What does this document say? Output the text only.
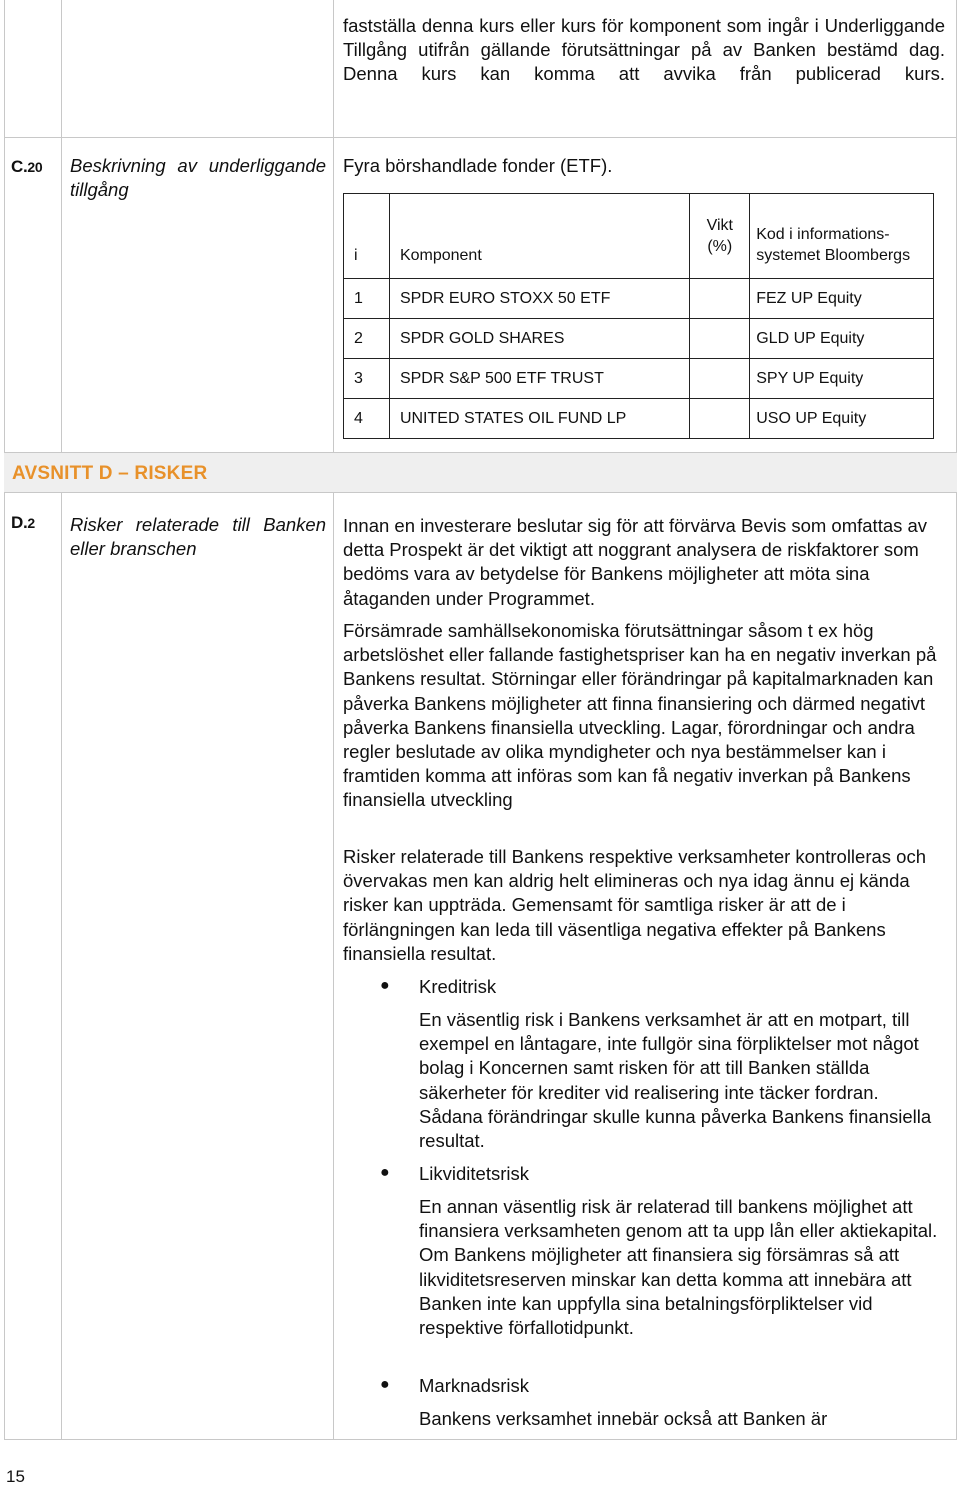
fastställa denna kurs eller kurs för komponent som ingår i Underliggande Tillgång utifrån gällande förutsättningar på av Banken bestämd dag. Denna kurs kan komma att avvika från publicerad kurs.
C.20 Beskrivning av underliggande tillgång
Fyra börshandlade fonder (ETF).
i	Komponent	Vikt (%)	Kod i informations-systemet Bloombergs
1	SPDR EURO STOXX 50 ETF		FEZ UP Equity
2	SPDR GOLD SHARES		GLD UP Equity
3	SPDR S&P 500 ETF TRUST		SPY UP Equity
4	UNITED STATES OIL FUND LP		USO UP Equity
AVSNITT D – RISKER
D.2 Risker relaterade till Banken eller branschen
Innan en investerare beslutar sig för att förvärva Bevis som omfattas av detta Prospekt är det viktigt att noggrant analysera de riskfaktorer som bedöms vara av betydelse för Bankens möjligheter att möta sina åtaganden under Programmet.
Försämrade samhällsekonomiska förutsättningar såsom t ex hög arbetslöshet eller fallande fastighetspriser kan ha en negativ inverkan på Bankens resultat. Störningar eller förändringar på kapitalmarknaden kan påverka Bankens möjligheter att finna finansiering och därmed negativt påverka Bankens finansiella utveckling. Lagar, förordningar och andra regler beslutade av olika myndigheter och nya bestämmelser kan i framtiden komma att införas som kan få negativ inverkan på Bankens finansiella utveckling
Risker relaterade till Bankens respektive verksamheter kontrolleras och övervakas men kan aldrig helt elimineras och nya idag ännu ej kända risker kan uppträda. Gemensamt för samtliga risker är att de i förlängningen kan leda till väsentliga negativa effekter på Bankens finansiella resultat.
● Kreditrisk
En väsentlig risk i Bankens verksamhet är att en motpart, till exempel en låntagare, inte fullgör sina förpliktelser mot något bolag i Koncernen samt risken för att till Banken ställda säkerheter för krediter vid realisering inte täcker fordran. Sådana förändringar skulle kunna påverka Bankens finansiella resultat.
● Likviditetsrisk
En annan väsentlig risk är relaterad till bankens möjlighet att finansiera verksamheten genom att ta upp lån eller aktiekapital. Om Bankens möjligheter att finansiera sig försämras så att likviditetsreserven minskar kan detta komma att innebära att Banken inte kan uppfylla sina betalningsförpliktelser vid respektive förfallotidpunkt.
● Marknadsrisk
Bankens verksamhet innebär också att Banken är
15
